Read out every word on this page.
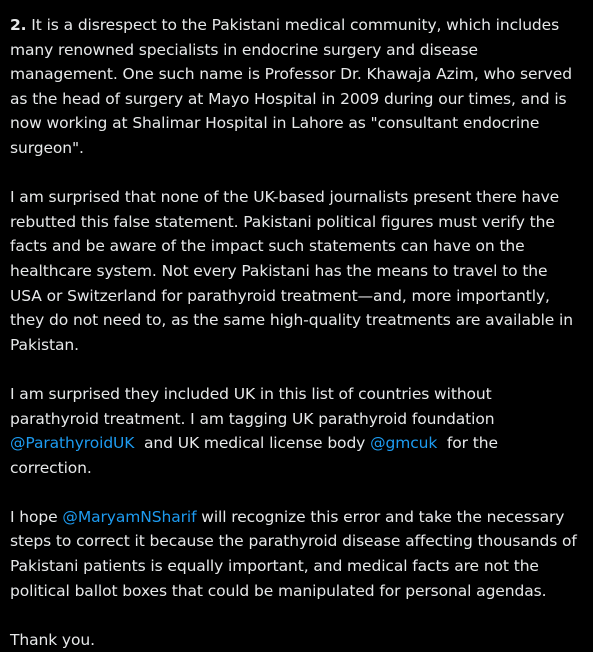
2. It is a disrespect to the Pakistani medical community, which includes many renowned specialists in endocrine surgery and disease management. One such name is Professor Dr. Khawaja Azim, who served as the head of surgery at Mayo Hospital in 2009 during our times, and is now working at Shalimar Hospital in Lahore as "consultant endocrine surgeon".

I am surprised that none of the UK-based journalists present there have rebutted this false statement. Pakistani political figures must verify the facts and be aware of the impact such statements can have on the healthcare system. Not every Pakistani has the means to travel to the USA or Switzerland for parathyroid treatment—and, more importantly, they do not need to, as the same high-quality treatments are available in Pakistan.

I am surprised they included UK in this list of countries without parathyroid treatment. I am tagging UK parathyroid foundation @ParathyroidUK  and UK medical license body @gmcuk  for the correction.

I hope @MaryamNSharif will recognize this error and take the necessary steps to correct it because the parathyroid disease affecting thousands of Pakistani patients is equally important, and medical facts are not the political ballot boxes that could be manipulated for personal agendas.

Thank you.
